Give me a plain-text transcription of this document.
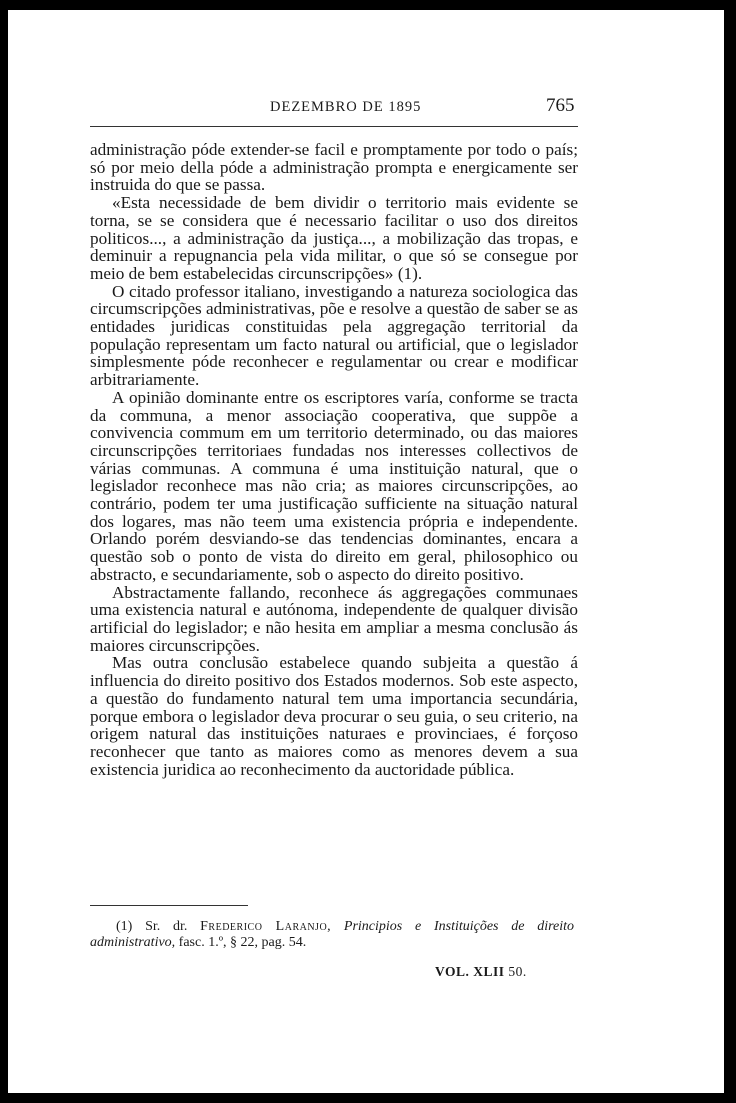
DEZEMBRO DE 1895	765

administração póde extender-se facil e promptamente por todo o país; só por meio della póde a administração prompta e energicamente ser instruida do que se passa.

«Esta necessidade de bem dividir o territorio mais evidente se torna, se se considera que é necessario facilitar o uso dos direitos politicos..., a administração da justiça..., a mobilização das tropas, e deminuir a repugnancia pela vida militar, o que só se consegue por meio de bem estabelecidas circunscripções» (1).

O citado professor italiano, investigando a natureza sociologica das circumscripções administrativas, põe e resolve a questão de saber se as entidades juridicas constituidas pela aggregação territorial da população representam um facto natural ou artificial, que o legislador simplesmente póde reconhecer e regulamentar ou crear e modificar arbitrariamente.

A opinião dominante entre os escriptores varía, conforme se tracta da communa, a menor associação cooperativa, que suppõe a convivencia commum em um territorio determinado, ou das maiores circunscripções territoriaes fundadas nos interesses collectivos de várias communas. A communa é uma instituição natural, que o legislador reconhece mas não cria; as maiores circunscripções, ao contrário, podem ter uma justificação sufficiente na situação natural dos logares, mas não teem uma existencia própria e independente. Orlando porém desviando-se das tendencias dominantes, encara a questão sob o ponto de vista do direito em geral, philosophico ou abstracto, e secundariamente, sob o aspecto do direito positivo.

Abstractamente fallando, reconhece ás aggregações communaes uma existencia natural e autónoma, independente de qualquer divisão artificial do legislador; e não hesita em ampliar a mesma conclusão ás maiores circunscripções.

Mas outra conclusão estabelece quando subjeita a questão á influencia do direito positivo dos Estados modernos. Sob este aspecto, a questão do fundamento natural tem uma importancia secundária, porque embora o legislador deva procurar o seu guia, o seu criterio, na origem natural das instituições naturaes e provinciaes, é forçoso reconhecer que tanto as maiores como as menores devem a sua existencia juridica ao reconhecimento da auctoridade pública.

(1) Sr. dr. Frederico Laranjo, Principios e Instituições de direito administrativo, fasc. 1.º, § 22, pag. 54.

VOL. XLII 50.
